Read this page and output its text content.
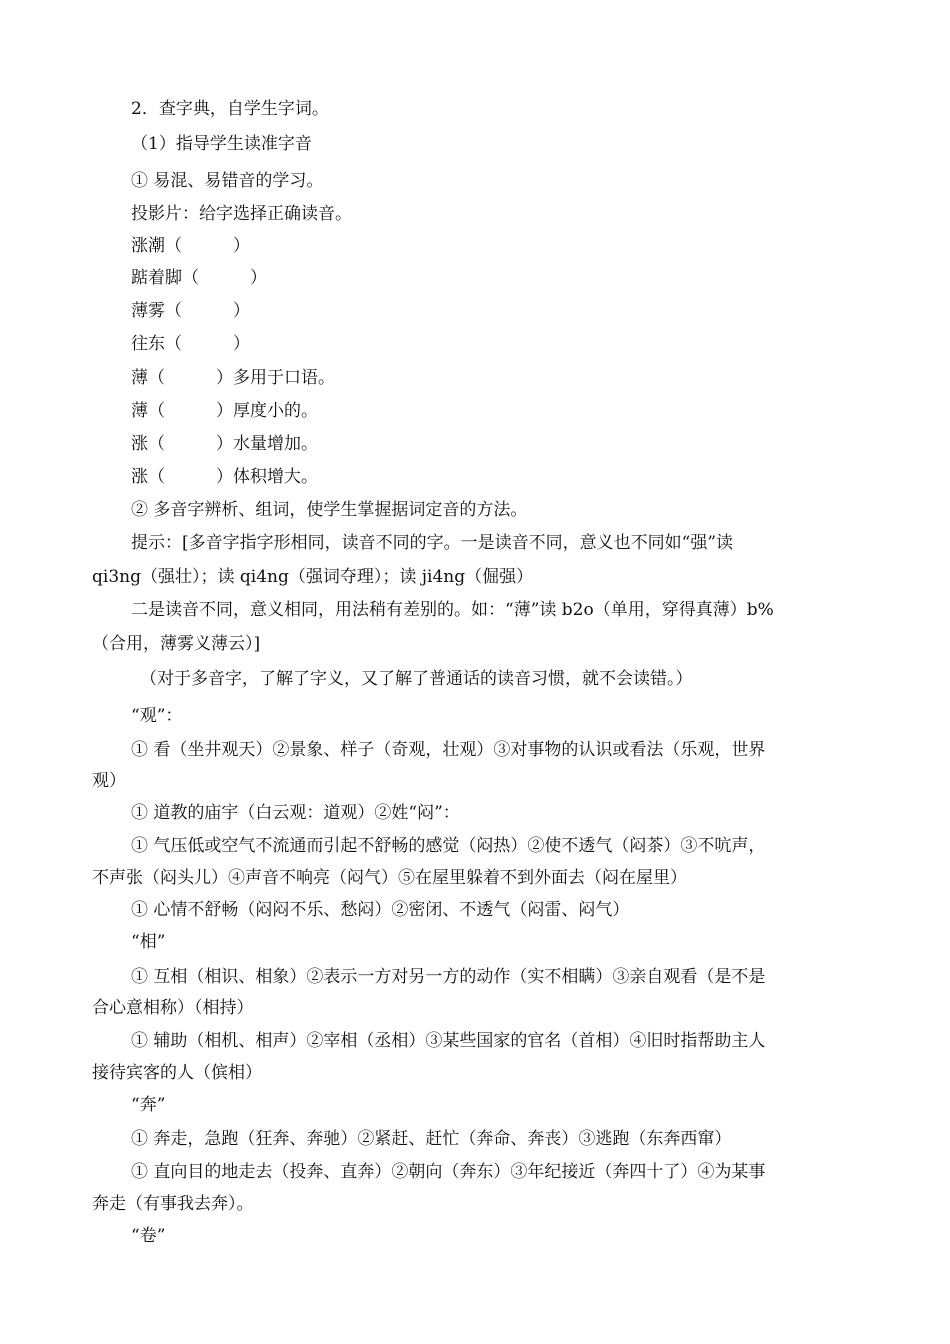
2．查字典，自学生字词。
（1）指导学生读准字音
① 易混、易错音的学习。
投影片：给字选择正确读音。
涨潮（　　　）
踮着脚（　　　）
薄雾（　　　）
往东（　　　）
薄（　　　）多用于口语。
薄（　　　）厚度小的。
涨（　　　）水量增加。
涨（　　　）体积增大。
② 多音字辨析、组词，使学生掌握据词定音的方法。
提示：[多音字指字形相同，读音不同的字。一是读音不同，意义也不同如“强”读
qi3ng（强壮）；读 qi4ng（强词夺理）；读 ji4ng（倔强）
二是读音不同，意义相同，用法稍有差别的。如：“薄”读 b2o（单用，穿得真薄）b%
（合用，薄雾义薄云）]
（对于多音字，了解了字义，又了解了普通话的读音习惯，就不会读错。）
“观”：
① 看（坐井观天）②景象、样子（奇观，壮观）③对事物的认识或看法（乐观，世界
观）
① 道教的庙宇（白云观：道观）②姓“闷”：
① 气压低或空气不流通而引起不舒畅的感觉（闷热）②使不透气（闷茶）③不吭声，
不声张（闷头儿）④声音不响亮（闷气）⑤在屋里躲着不到外面去（闷在屋里）
① 心情不舒畅（闷闷不乐、愁闷）②密闭、不透气（闷雷、闷气）
“相”
① 互相（相识、相象）②表示一方对另一方的动作（实不相瞒）③亲自观看（是不是
合心意相称）（相持）
① 辅助（相机、相声）②宰相（丞相）③某些国家的官名（首相）④旧时指帮助主人
接待宾客的人（傧相）
“奔”
① 奔走，急跑（狂奔、奔驰）②紧赶、赶忙（奔命、奔丧）③逃跑（东奔西窜）
① 直向目的地走去（投奔、直奔）②朝向（奔东）③年纪接近（奔四十了）④为某事
奔走（有事我去奔）。
“卷”
